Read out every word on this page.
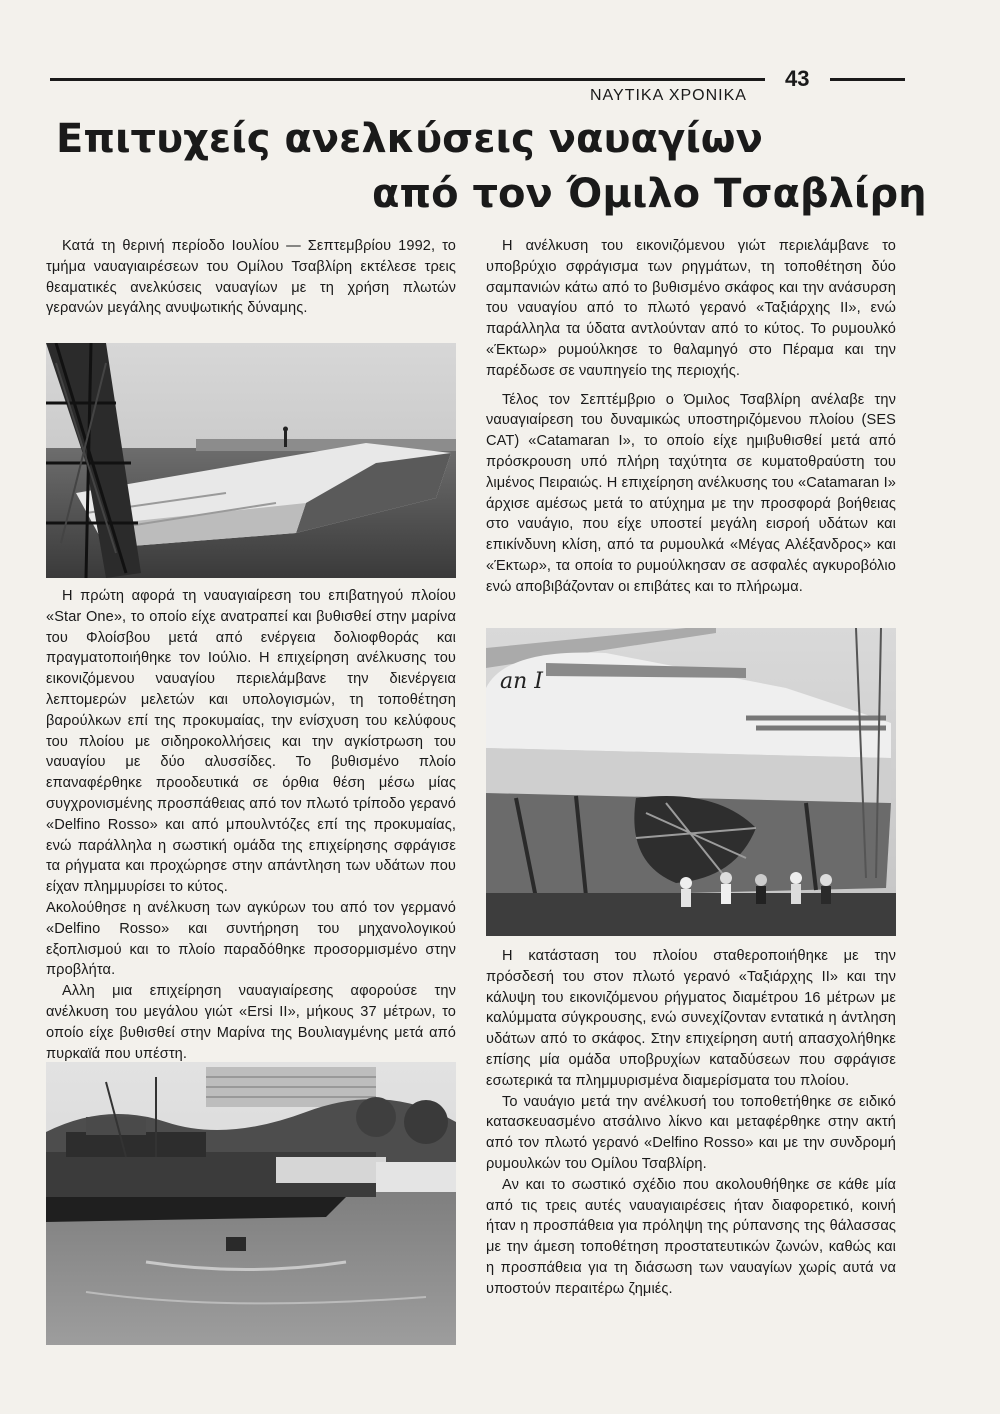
ΝΑΥΤΙΚΑ ΧΡΟΝΙΚΑ
43
Επιτυχείς ανελκύσεις ναυαγίων
από τον Όμιλο Τσαβλίρη

Κατά τη θερινή περίοδο Ιουλίου — Σεπτεμβρίου 1992, το τμήμα ναυαγιαιρέσεων του Ομίλου Τσαβλίρη εκτέλεσε τρεις θεαματικές ανελκύσεις ναυαγίων με τη χρήση πλωτών γερανών μεγάλης ανυψωτικής δύναμης.

Η πρώτη αφορά τη ναυαγιαίρεση του επιβατηγού πλοίου «Star One», το οποίο είχε ανατραπεί και βυθισθεί στην μαρίνα του Φλοίσβου μετά από ενέργεια δολιοφθοράς και πραγματοποιήθηκε τον Ιούλιο. Η επιχείρηση ανέλκυσης του εικονιζόμενου ναυαγίου περιελάμβανε την διενέργεια λεπτομερών μελετών και υπολογισμών, τη τοποθέτηση βαρούλκων επί της προκυμαίας, την ενίσχυση του κελύφους του πλοίου με σιδηροκολλήσεις και την αγκίστρωση του ναυαγίου με δύο αλυσσίδες. Το βυθισμένο πλοίο επαναφέρθηκε προοδευτικά σε όρθια θέση μέσω μίας συγχρονισμένης προσπάθειας από τον πλωτό τρίποδο γερανό «Delfino Rosso» και από μπουλντόζες επί της προκυμαίας, ενώ παράλληλα η σωστική ομάδα της επιχείρησης σφράγισε τα ρήγματα και προχώρησε στην απάντληση των υδάτων που είχαν πλημμυρίσει το κύτος.

Ακολούθησε η ανέλκυση των αγκύρων του από τον γερμανό «Delfino Rosso» και συντήρηση του μηχανολογικού εξοπλισμού και το πλοίο παραδόθηκε προσορμισμένο στην προβλήτα.

Αλλη μια επιχείρηση ναυαγιαίρεσης αφορούσε την ανέλκυση του μεγάλου γιώτ «Ersi II», μήκους 37 μέτρων, το οποίο είχε βυθισθεί στην Μαρίνα της Βουλιαγμένης μετά από πυρκαϊά που υπέστη.

Η ανέλκυση του εικονιζόμενου γιώτ περιελάμβανε το υποβρύχιο σφράγισμα των ρηγμάτων, τη τοποθέτηση δύο σαμπανιών κάτω από το βυθισμένο σκάφος και την ανάσυρση του ναυαγίου από το πλωτό γερανό «Ταξιάρχης II», ενώ παράλληλα τα ύδατα αντλούνταν από το κύτος. Το ρυμουλκό «Έκτωρ» ρυμούλκησε το θαλαμηγό στο Πέραμα και την παρέδωσε σε ναυπηγείο της περιοχής.

Τέλος τον Σεπτέμβριο ο Όμιλος Τσαβλίρη ανέλαβε την ναυαγιαίρεση του δυναμικώς υποστηριζόμενου πλοίου (SES CAT) «Catamaran I», το οποίο είχε ημιβυθισθεί μετά από πρόσκρουση υπό πλήρη ταχύτητα σε κυματοθραύστη του λιμένος Πειραιώς. Η επιχείρηση ανέλκυσης του «Catamaran I» άρχισε αμέσως μετά το ατύχημα με την προσφορά βοήθειας στο ναυάγιο, που είχε υποστεί μεγάλη εισροή υδάτων και επικίνδυνη κλίση, από τα ρυμουλκά «Μέγας Αλέξανδρος» και «Έκτωρ», τα οποία το ρυμούλκησαν σε ασφαλές αγκυροβόλιο ενώ αποβιβάζονταν οι επιβάτες και το πλήρωμα.

an I

Η κατάσταση του πλοίου σταθεροποιήθηκε με την πρόσδεσή του στον πλωτό γερανό «Ταξιάρχης II» και την κάλυψη του εικονιζόμενου ρήγματος διαμέτρου 16 μέτρων με καλύμματα σύγκρουσης, ενώ συνεχίζονταν εντατικά η άντληση υδάτων από το σκάφος. Στην επιχείρηση αυτή απασχολήθηκε επίσης μία ομάδα υποβρυχίων καταδύσεων που σφράγισε εσωτερικά τα πλημμυρισμένα διαμερίσματα του πλοίου.

Το ναυάγιο μετά την ανέλκυσή του τοποθετήθηκε σε ειδικό κατασκευασμένο ατσάλινο λίκνο και μεταφέρθηκε στην ακτή από τον πλωτό γερανό «Delfino Rosso» και με την συνδρομή ρυμουλκών του Ομίλου Τσαβλίρη.

Αν και το σωστικό σχέδιο που ακολουθήθηκε σε κάθε μία από τις τρεις αυτές ναυαγιαιρέσεις ήταν διαφορετικό, κοινή ήταν η προσπάθεια για πρόληψη της ρύπανσης της θάλασσας με την άμεση τοποθέτηση προστατευτικών ζωνών, καθώς και η προσπάθεια για τη διάσωση των ναυαγίων χωρίς αυτά να υποστούν περαιτέρω ζημιές.
